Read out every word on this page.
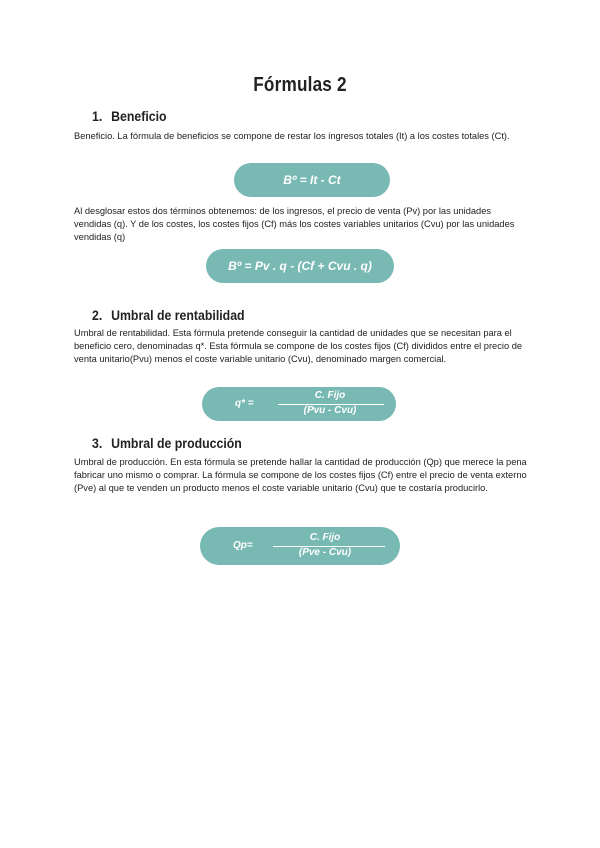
Fórmulas 2
1. Beneficio
Beneficio. La fórmula de beneficios se compone de restar los ingresos totales (It) a los costes totales (Ct).
Bº = It - Ct
Al desglosar estos dos términos obtenemos: de los ingresos, el precio de venta (Pv) por las unidades vendidas (q). Y de los costes, los costes fijos (Cf) más los costes variables unitarios (Cvu) por las unidades vendidas (q)
Bº = Pv . q - (Cf + Cvu . q)
2. Umbral de rentabilidad
Umbral de rentabilidad. Esta fórmula pretende conseguir la cantidad de unidades que se necesitan para el beneficio cero, denominadas q*. Esta fórmula se compone de los costes fijos (Cf) divididos entre el precio de venta unitario(Pvu) menos el coste variable unitario (Cvu), denominado margen comercial.
q* =
C. Fijo
(Pvu - Cvu)
3. Umbral de producción
Umbral de producción. En esta fórmula se pretende hallar la cantidad de producción (Qp) que merece la pena fabricar uno mismo o comprar. La fórmula se compone de los costes fijos (Cf) entre el precio de venta externo (Pve) al que te venden un producto menos el coste variable unitario (Cvu) que te costaría producirlo.
Qp=
C. Fijo
(Pve - Cvu)
